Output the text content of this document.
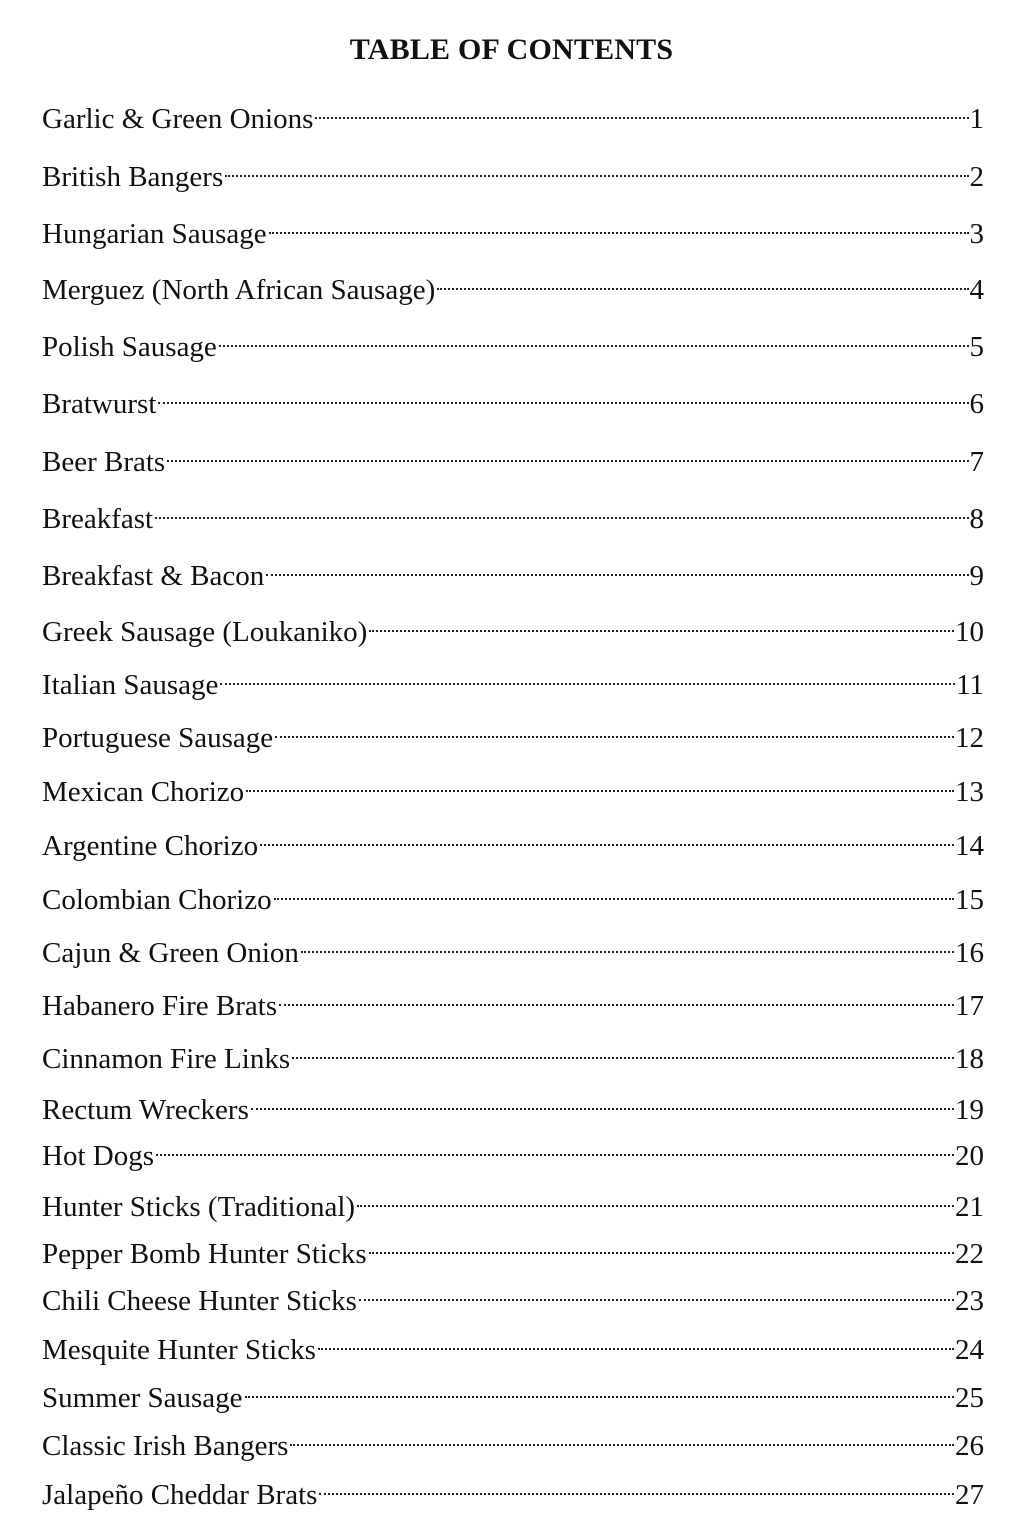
TABLE OF CONTENTS
Garlic & Green Onions	1
British Bangers	2
Hungarian Sausage	3
Merguez (North African Sausage)	4
Polish Sausage	5
Bratwurst	6
Beer Brats	7
Breakfast	8
Breakfast & Bacon	9
Greek Sausage (Loukaniko)	10
Italian Sausage	11
Portuguese Sausage	12
Mexican Chorizo	13
Argentine Chorizo	14
Colombian Chorizo	15
Cajun & Green Onion	16
Habanero Fire Brats	17
Cinnamon Fire Links	18
Rectum Wreckers	19
Hot Dogs	20
Hunter Sticks (Traditional)	21
Pepper Bomb Hunter Sticks	22
Chili Cheese Hunter Sticks	23
Mesquite Hunter Sticks	24
Summer Sausage	25
Classic Irish Bangers	26
Jalapeño Cheddar Brats	27
